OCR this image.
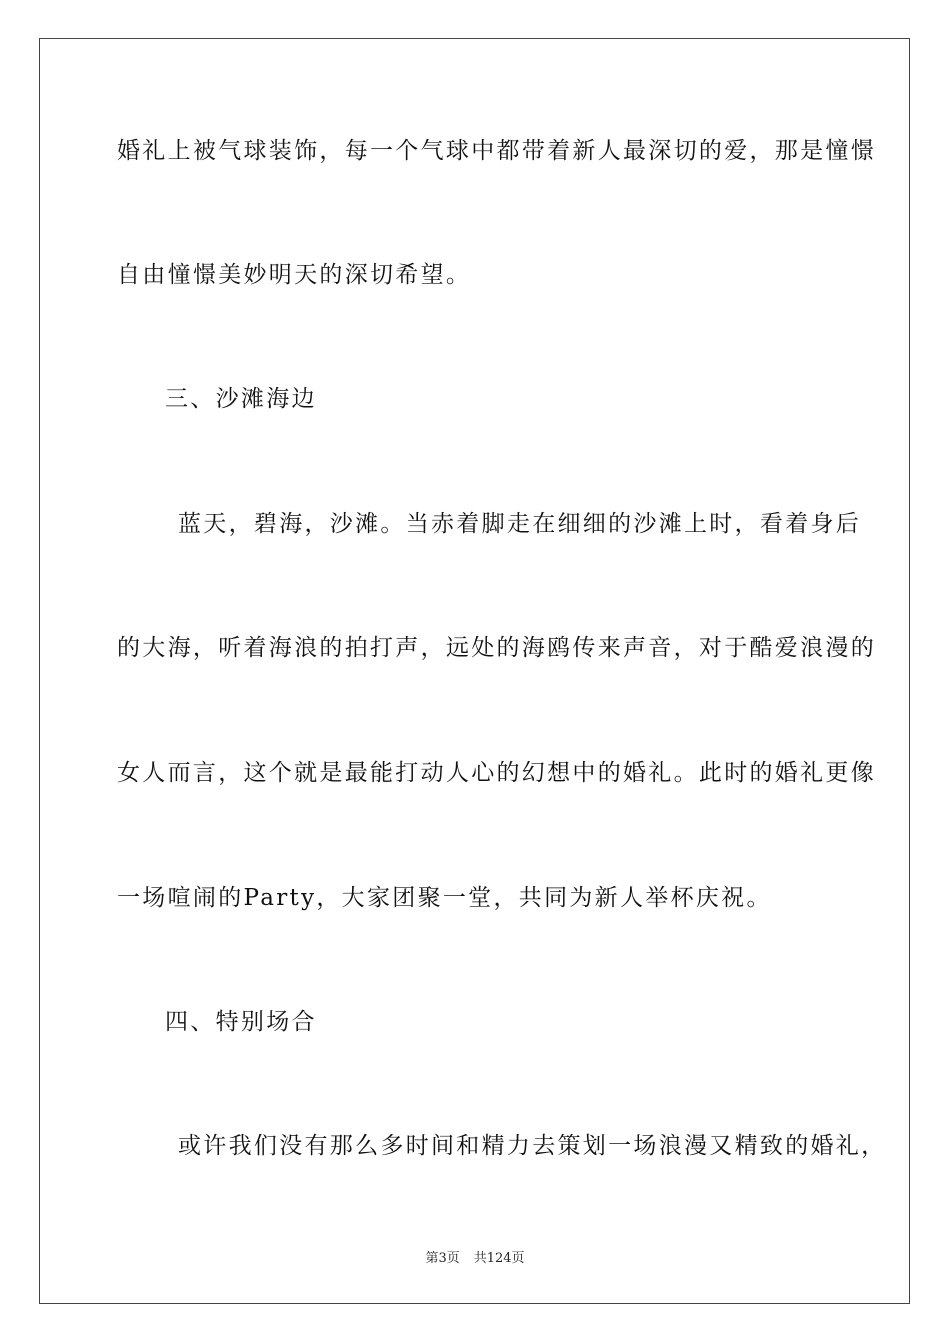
婚礼上被气球装饰，每一个气球中都带着新人最深切的爱，那是憧憬
自由憧憬美妙明天的深切希望。
三、沙滩海边
蓝天，碧海，沙滩。当赤着脚走在细细的沙滩上时，看着身后
的大海，听着海浪的拍打声，远处的海鸥传来声音，对于酷爱浪漫的
女人而言，这个就是最能打动人心的幻想中的婚礼。此时的婚礼更像
一场喧闹的Party，大家团聚一堂，共同为新人举杯庆祝。
四、特别场合
或许我们没有那么多时间和精力去策划一场浪漫又精致的婚礼，
第3页 共124页
